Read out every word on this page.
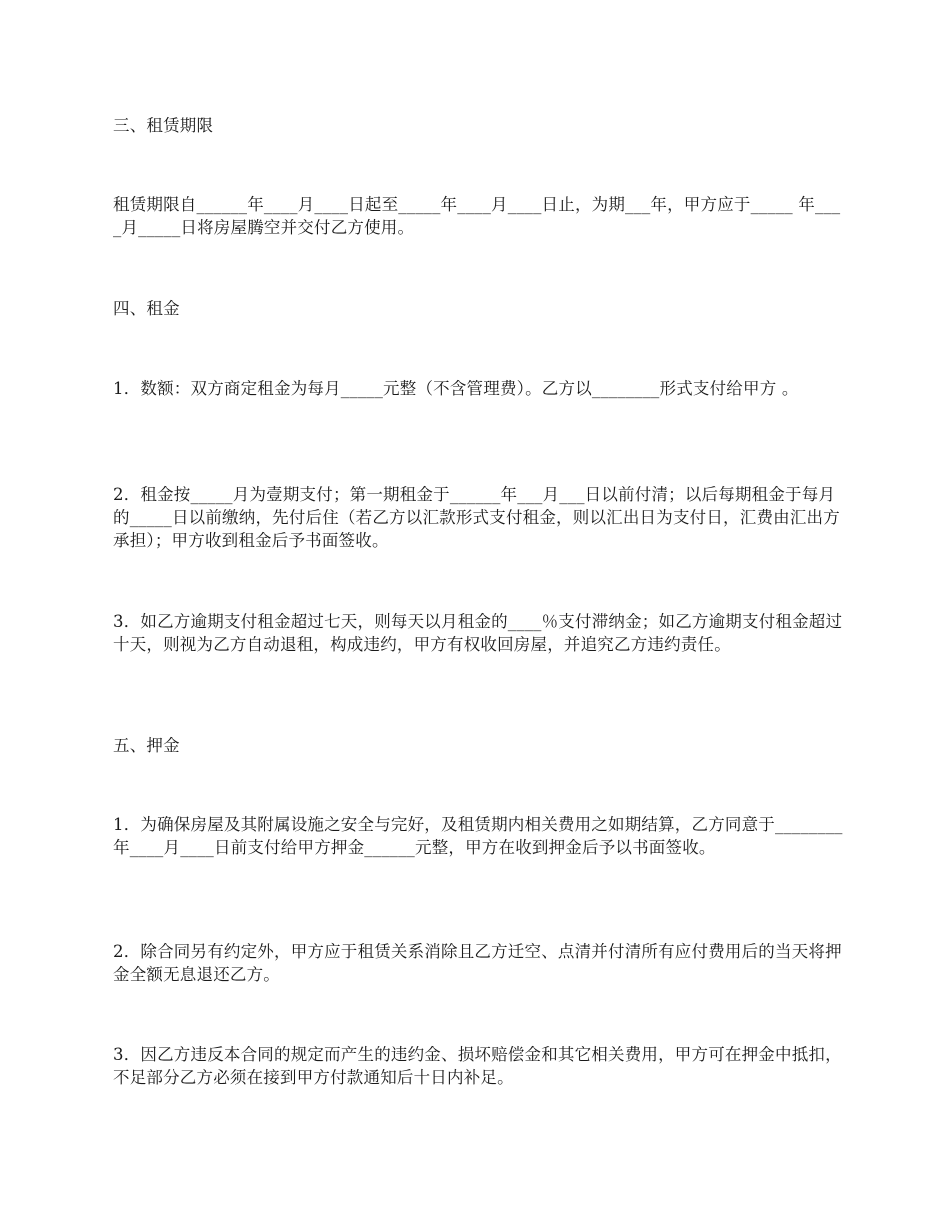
三、租赁期限

租赁期限自______年____月____日起至_____年____月____日止，为期___年，甲方应于_____ 年____月_____日将房屋腾空并交付乙方使用。

四、租金

1．数额：双方商定租金为每月_____元整（不含管理费）。乙方以________形式支付给甲方 。

2．租金按_____月为壹期支付；第一期租金于______年___月___日以前付清；以后每期租金于每月的_____日以前缴纳，先付后住（若乙方以汇款形式支付租金，则以汇出日为支付日，汇费由汇出方承担）；甲方收到租金后予书面签收。

3．如乙方逾期支付租金超过七天，则每天以月租金的____％支付滞纳金；如乙方逾期支付租金超过十天，则视为乙方自动退租，构成违约，甲方有权收回房屋，并追究乙方违约责任。

五、押金

1．为确保房屋及其附属设施之安全与完好，及租赁期内相关费用之如期结算，乙方同意于________年____月____日前支付给甲方押金______元整，甲方在收到押金后予以书面签收。

2．除合同另有约定外，甲方应于租赁关系消除且乙方迁空、点清并付清所有应付费用后的当天将押金全额无息退还乙方。

3．因乙方违反本合同的规定而产生的违约金、损坏赔偿金和其它相关费用，甲方可在押金中抵扣，不足部分乙方必须在接到甲方付款通知后十日内补足。
